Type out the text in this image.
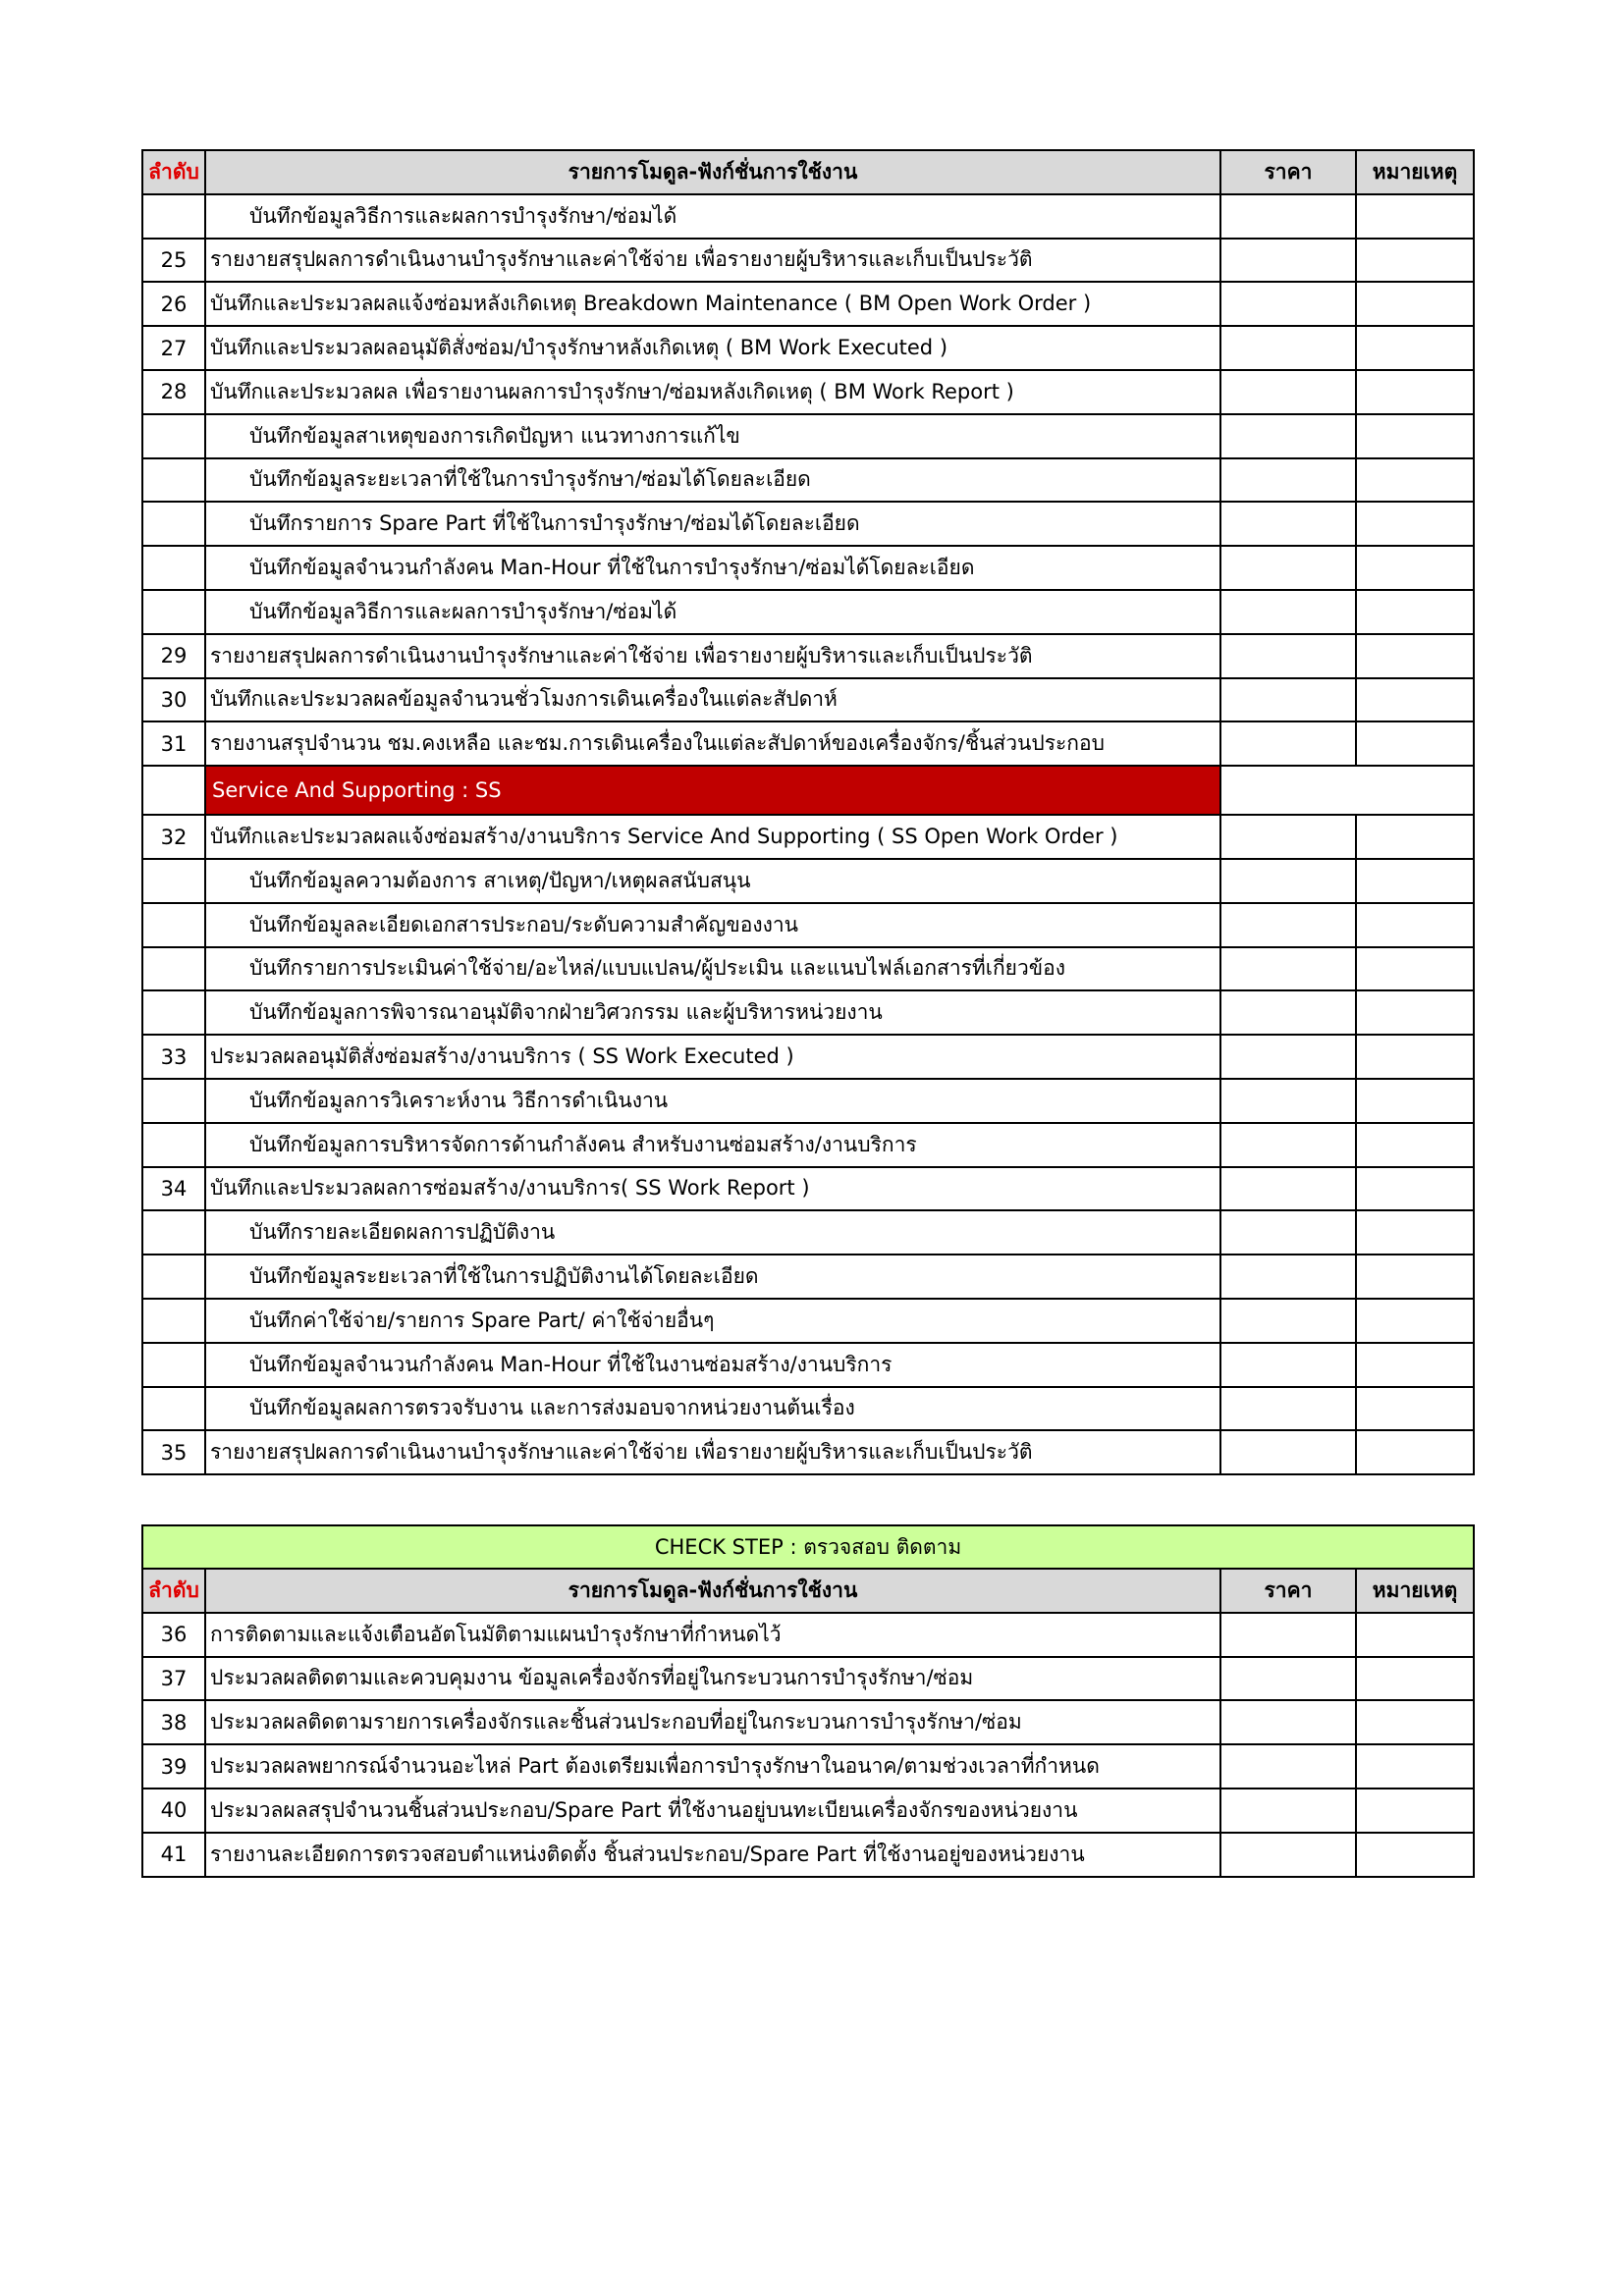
ลำดับ	รายการโมดูล-ฟังก์ชั่นการใช้งาน	ราคา	หมายเหตุ
	บันทึกข้อมูลวิธีการและผลการบำรุงรักษา/ซ่อมได้		
25	รายงายสรุปผลการดำเนินงานบำรุงรักษาและค่าใช้จ่าย เพื่อรายงายผู้บริหารและเก็บเป็นประวัติ		
26	บันทึกและประมวลผลแจ้งซ่อมหลังเกิดเหตุ Breakdown Maintenance ( BM Open Work Order )		
27	บันทึกและประมวลผลอนุมัติสั่งซ่อม/บำรุงรักษาหลังเกิดเหตุ ( BM Work Executed )		
28	บันทึกและประมวลผล เพื่อรายงานผลการบำรุงรักษา/ซ่อมหลังเกิดเหตุ ( BM Work Report )		
	บันทึกข้อมูลสาเหตุของการเกิดปัญหา แนวทางการแก้ไข		
	บันทึกข้อมูลระยะเวลาที่ใช้ในการบำรุงรักษา/ซ่อมได้โดยละเอียด		
	บันทึกรายการ Spare Part ที่ใช้ในการบำรุงรักษา/ซ่อมได้โดยละเอียด		
	บันทึกข้อมูลจำนวนกำลังคน Man-Hour ที่ใช้ในการบำรุงรักษา/ซ่อมได้โดยละเอียด		
	บันทึกข้อมูลวิธีการและผลการบำรุงรักษา/ซ่อมได้		
29	รายงายสรุปผลการดำเนินงานบำรุงรักษาและค่าใช้จ่าย เพื่อรายงายผู้บริหารและเก็บเป็นประวัติ		
30	บันทึกและประมวลผลข้อมูลจำนวนชั่วโมงการเดินเครื่องในแต่ละสัปดาห์		
31	รายงานสรุปจำนวน ชม.คงเหลือ และชม.การเดินเครื่องในแต่ละสัปดาห์ของเครื่องจักร/ชิ้นส่วนประกอบ		
	Service And Supporting : SS		
32	บันทึกและประมวลผลแจ้งซ่อมสร้าง/งานบริการ Service And Supporting ( SS Open Work Order )		
	บันทึกข้อมูลความต้องการ สาเหตุ/ปัญหา/เหตุผลสนับสนุน		
	บันทึกข้อมูลละเอียดเอกสารประกอบ/ระดับความสำคัญของงาน		
	บันทึกรายการประเมินค่าใช้จ่าย/อะไหล่/แบบแปลน/ผู้ประเมิน และแนบไฟล์เอกสารที่เกี่ยวข้อง		
	บันทึกข้อมูลการพิจารณาอนุมัติจากฝ่ายวิศวกรรม และผู้บริหารหน่วยงาน		
33	ประมวลผลอนุมัติสั่งซ่อมสร้าง/งานบริการ ( SS Work Executed )		
	บันทึกข้อมูลการวิเคราะห์งาน วิธีการดำเนินงาน		
	บันทึกข้อมูลการบริหารจัดการด้านกำลังคน สำหรับงานซ่อมสร้าง/งานบริการ		
34	บันทึกและประมวลผลการซ่อมสร้าง/งานบริการ( SS Work Report )		
	บันทึกรายละเอียดผลการปฏิบัติงาน		
	บันทึกข้อมูลระยะเวลาที่ใช้ในการปฏิบัติงานได้โดยละเอียด		
	บันทึกค่าใช้จ่าย/รายการ Spare Part/ ค่าใช้จ่ายอื่นๆ		
	บันทึกข้อมูลจำนวนกำลังคน Man-Hour ที่ใช้ในงานซ่อมสร้าง/งานบริการ		
	บันทึกข้อมูลผลการตรวจรับงาน และการส่งมอบจากหน่วยงานต้นเรื่อง		
35	รายงายสรุปผลการดำเนินงานบำรุงรักษาและค่าใช้จ่าย เพื่อรายงายผู้บริหารและเก็บเป็นประวัติ		
CHECK STEP : ตรวจสอบ ติดตาม			
ลำดับ	รายการโมดูล-ฟังก์ชั่นการใช้งาน	ราคา	หมายเหตุ
36	การติดตามและแจ้งเตือนอัตโนมัติตามแผนบำรุงรักษาที่กำหนดไว้		
37	ประมวลผลติดตามและควบคุมงาน ข้อมูลเครื่องจักรที่อยู่ในกระบวนการบำรุงรักษา/ซ่อม		
38	ประมวลผลติดตามรายการเครื่องจักรและชิ้นส่วนประกอบที่อยู่ในกระบวนการบำรุงรักษา/ซ่อม		
39	ประมวลผลพยากรณ์จำนวนอะไหล่ Part ต้องเตรียมเพื่อการบำรุงรักษาในอนาค/ตามช่วงเวลาที่กำหนด		
40	ประมวลผลสรุปจำนวนชิ้นส่วนประกอบ/Spare Part ที่ใช้งานอยู่บนทะเบียนเครื่องจักรของหน่วยงาน		
41	รายงานละเอียดการตรวจสอบตำแหน่งติดตั้ง ชิ้นส่วนประกอบ/Spare Part ที่ใช้งานอยู่ของหน่วยงาน		
